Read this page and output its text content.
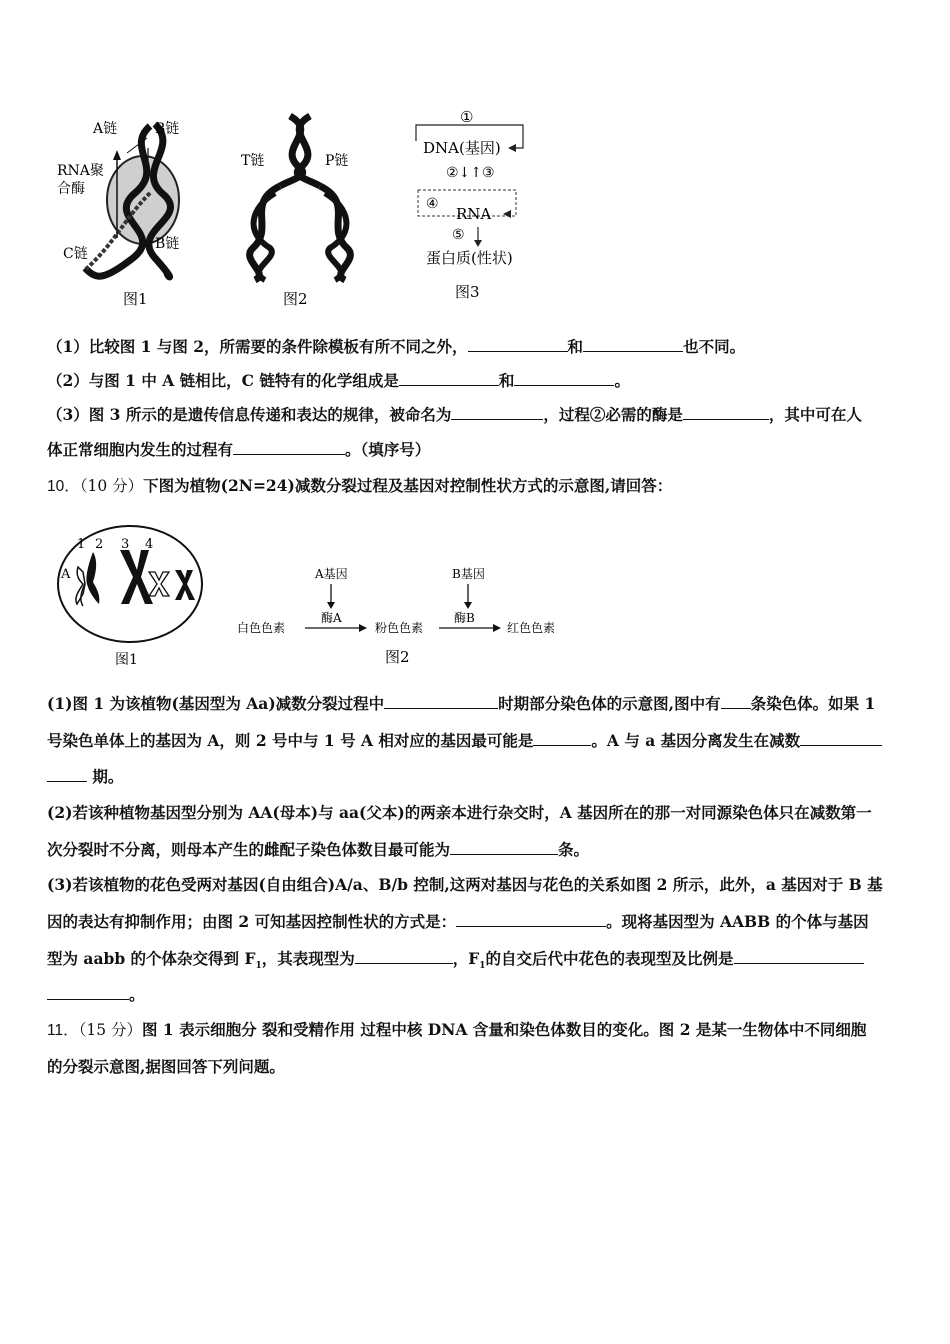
A链	B链
RNA聚
合酶
C链
B链
图1
T链	P链
图2
①
DNA(基因)
②↓↑③
④
RNA
⑤
蛋白质(性状)
图3
（1）比较图 1 与图 2，所需要的条件除模板有所不同之外，	和	也不同。
（2）与图 1 中 A 链相比，C 链特有的化学组成是	和	。
（3）图 3 所示的是遗传信息传递和表达的规律，被命名为	，过程②必需的酶是	，其中可在人
体正常细胞内发生的过程有	。（填序号）
10．（10 分）下图为植物(2N=24)减数分裂过程及基因对控制性状方式的示意图,请回答：
1 2 3 4
A
图1
A基因	B基因
白色色素
酶A
粉色色素
酶B
红色色素
图2
(1)图 1 为该植物(基因型为 Aa)减数分裂过程中	时期部分染色体的示意图,图中有 条染色体。如果 1
号染色单体上的基因为 A，则 2 号中与 1 号 A 相对应的基因最可能是	。A 与 a 基因分离发生在减数
期。
(2)若该种植物基因型分别为 AA(母本)与 aa(父本)的两亲本进行杂交时，A 基因所在的那一对同源染色体只在减数第一
次分裂时不分离，则母本产生的雌配子染色体数目最可能为	条。
(3)若该植物的花色受两对基因(自由组合)A/a、B/b 控制,这两对基因与花色的关系如图 2 所示，此外，a 基因对于 B 基
因的表达有抑制作用；由图 2 可知基因控制性状的方式是：	。现将基因型为 AABB 的个体与基因
型为 aabb 的个体杂交得到 $F_1$，其表现型为	，$F_1$的自交后代中花色的表现型及比例是
。
11．（15 分）图 1 表示细胞分 裂和受精作用 过程中核 DNA 含量和染色体数目的变化。图 2 是某一生物体中不同细胞
的分裂示意图,据图回答下列问题。
